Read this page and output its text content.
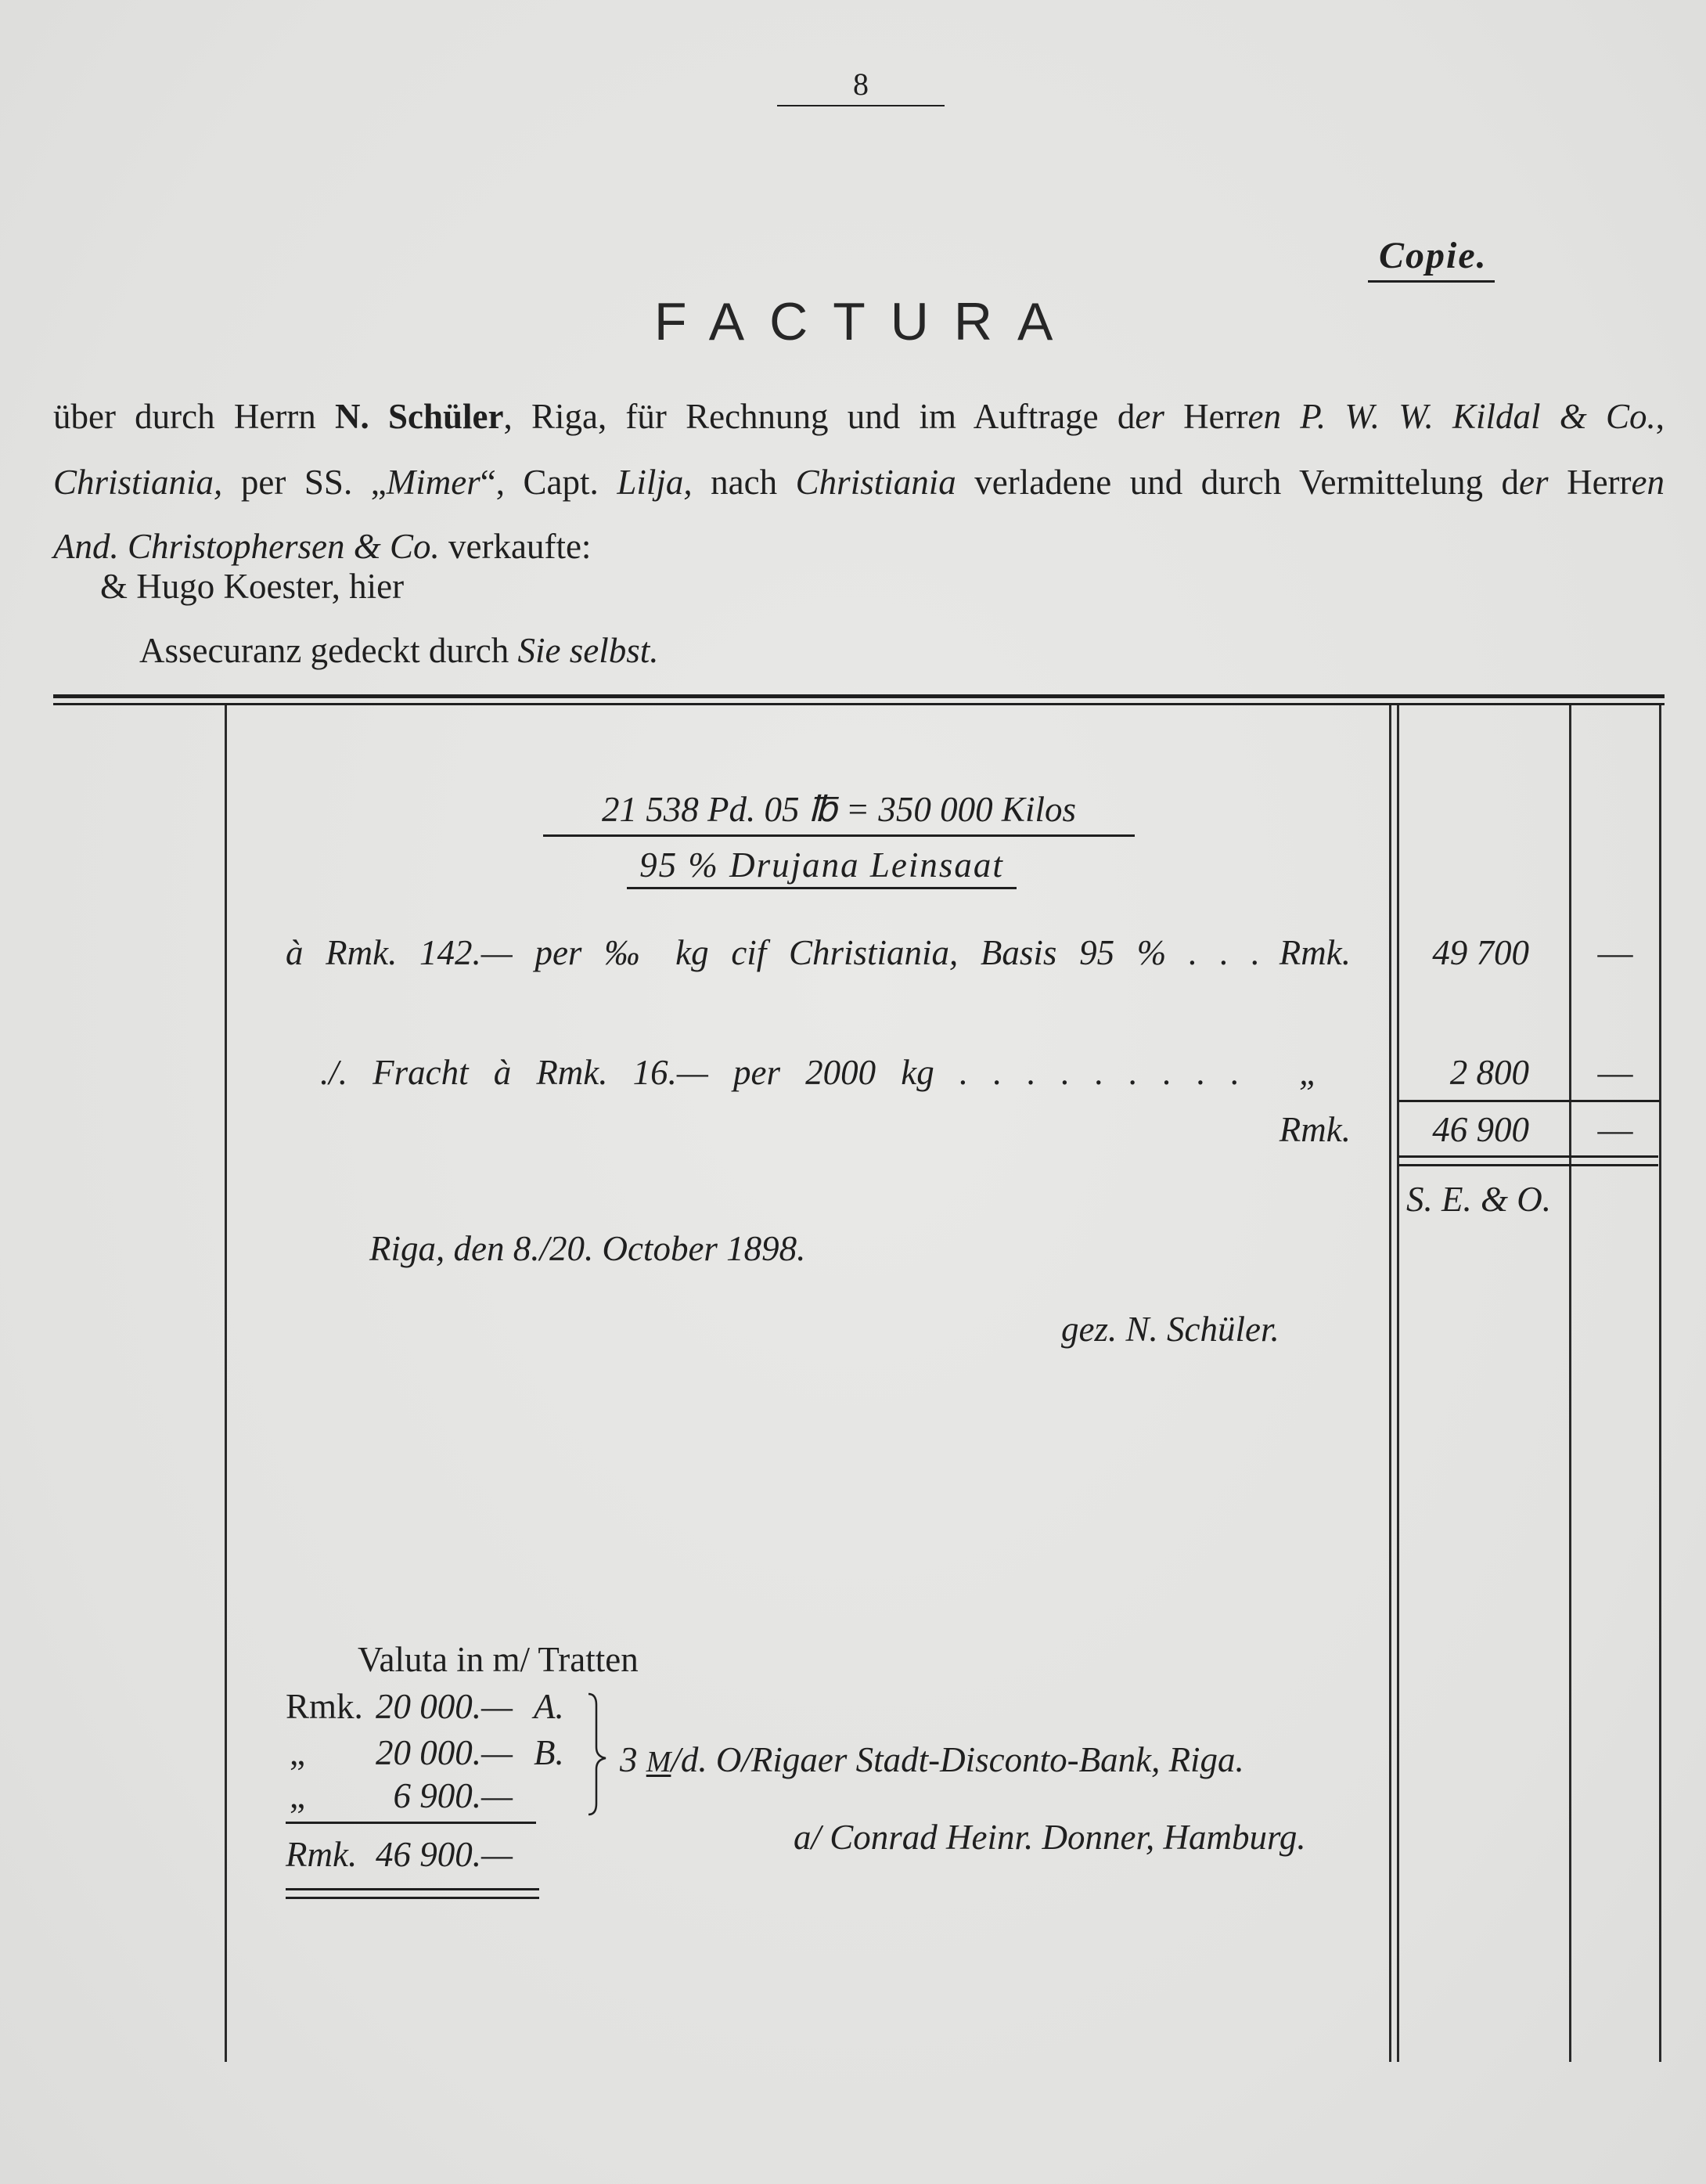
8
Copie.
FACTURA
über durch Herrn N. Schüler, Riga, für Rechnung und im Auftrage der Herren P. W. W. Kildal & Co.,
Christiania, per SS. „Mimer“, Capt. Lilja, nach Christiania verladene und durch Vermittelung der Herren
And. Christophersen & Co. verkaufte:
& Hugo Koester, hier
Assecuranz gedeckt durch Sie selbst.
21 538 Pd. 05 ℔ = 350 000 Kilos
95 % Drujana Leinsaat
à Rmk. 142.— per ‰ kg cif Christiania, Basis 95 % . . . Rmk.	49 700	—
./. Fracht à Rmk. 16.— per 2000 kg . . . . . . . . . „	2 800	—
Rmk.	46 900	—
S. E. & O.
Riga, den 8./20. October 1898.
gez. N. Schüler.
Valuta in m/ Tratten
Rmk. 20 000.— A.
„ 20 000.— B.
„	6 900.—
Rmk. 46 900.—
3 M/d. O/Rigaer Stadt-Disconto-Bank, Riga.
a/ Conrad Heinr. Donner, Hamburg.
